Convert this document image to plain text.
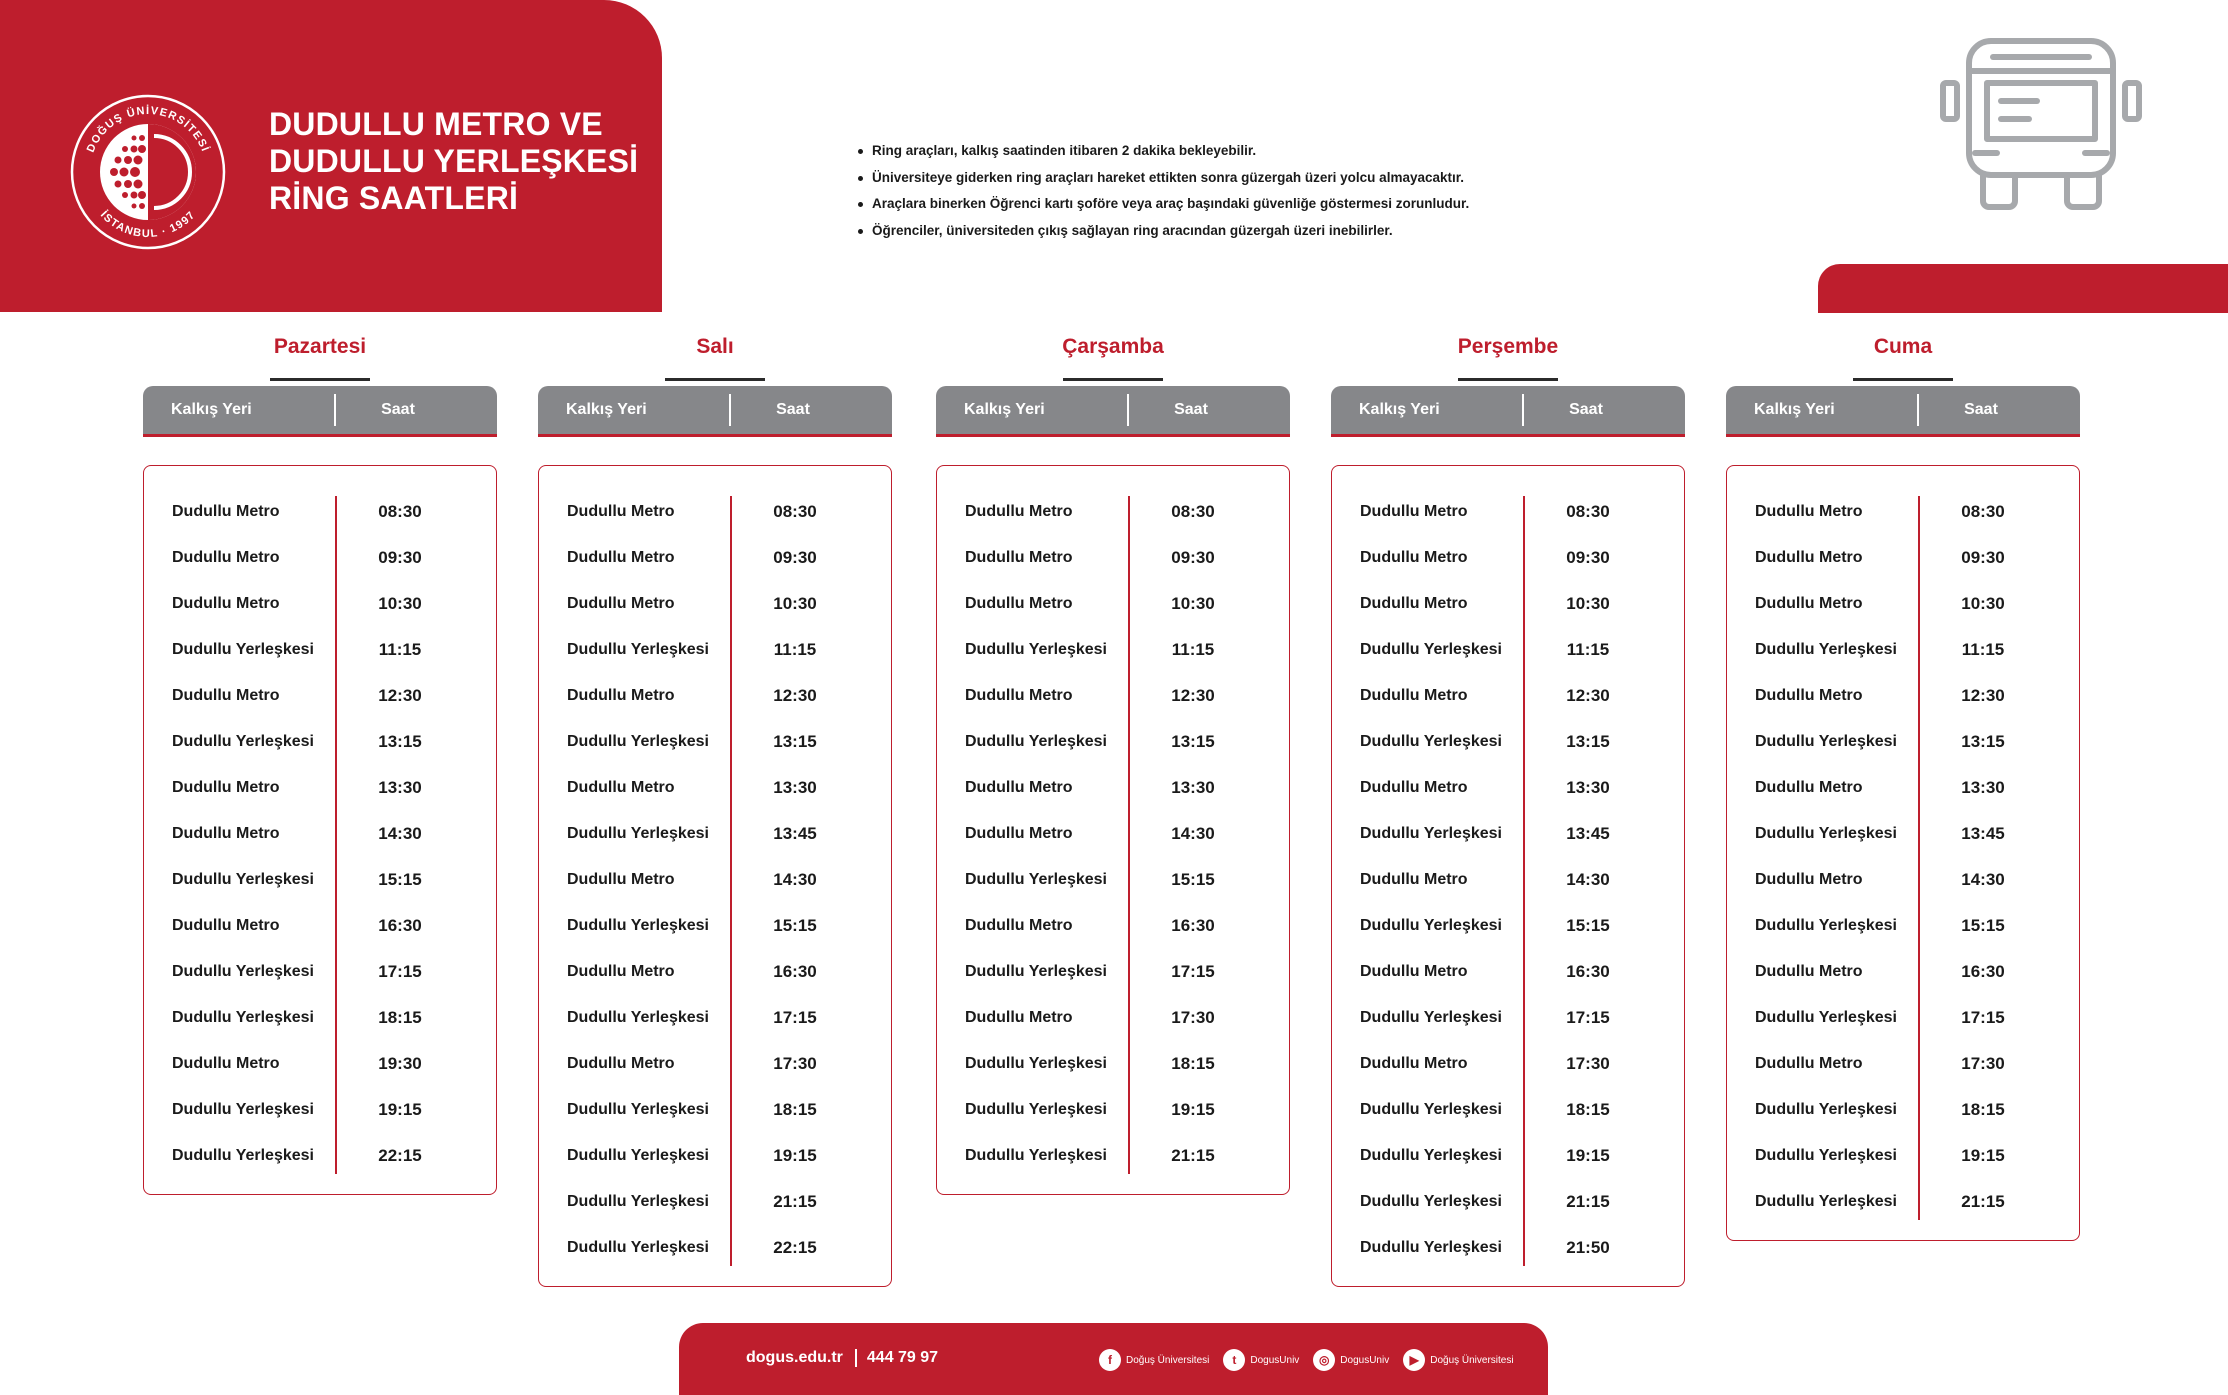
DOĞUŞ ÜNİVERSİTESİ
İSTANBUL · 1997
DUDULLU METRO VE
DUDULLU YERLEŞKESİ
RİNG SAATLERİ
Ring araçları, kalkış saatinden itibaren 2 dakika bekleyebilir.
Üniversiteye giderken ring araçları hareket ettikten sonra güzergah üzeri yolcu almayacaktır.
Araçlara binerken Öğrenci kartı şoföre veya araç başındaki güvenliğe göstermesi zorunludur.
Öğrenciler, üniversiteden çıkış sağlayan ring aracından güzergah üzeri inebilirler.
Pazartesi
Kalkış Yeri	Saat
Dudullu Metro	08:30
Dudullu Metro	09:30
Dudullu Metro	10:30
Dudullu Yerleşkesi	11:15
Dudullu Metro	12:30
Dudullu Yerleşkesi	13:15
Dudullu Metro	13:30
Dudullu Metro	14:30
Dudullu Yerleşkesi	15:15
Dudullu Metro	16:30
Dudullu Yerleşkesi	17:15
Dudullu Yerleşkesi	18:15
Dudullu Metro	19:30
Dudullu Yerleşkesi	19:15
Dudullu Yerleşkesi	22:15
Salı
Kalkış Yeri	Saat
Dudullu Metro	08:30
Dudullu Metro	09:30
Dudullu Metro	10:30
Dudullu Yerleşkesi	11:15
Dudullu Metro	12:30
Dudullu Yerleşkesi	13:15
Dudullu Metro	13:30
Dudullu Yerleşkesi	13:45
Dudullu Metro	14:30
Dudullu Yerleşkesi	15:15
Dudullu Metro	16:30
Dudullu Yerleşkesi	17:15
Dudullu Metro	17:30
Dudullu Yerleşkesi	18:15
Dudullu Yerleşkesi	19:15
Dudullu Yerleşkesi	21:15
Dudullu Yerleşkesi	22:15
Çarşamba
Kalkış Yeri	Saat
Dudullu Metro	08:30
Dudullu Metro	09:30
Dudullu Metro	10:30
Dudullu Yerleşkesi	11:15
Dudullu Metro	12:30
Dudullu Yerleşkesi	13:15
Dudullu Metro	13:30
Dudullu Metro	14:30
Dudullu Yerleşkesi	15:15
Dudullu Metro	16:30
Dudullu Yerleşkesi	17:15
Dudullu Metro	17:30
Dudullu Yerleşkesi	18:15
Dudullu Yerleşkesi	19:15
Dudullu Yerleşkesi	21:15
Perşembe
Kalkış Yeri	Saat
Dudullu Metro	08:30
Dudullu Metro	09:30
Dudullu Metro	10:30
Dudullu Yerleşkesi	11:15
Dudullu Metro	12:30
Dudullu Yerleşkesi	13:15
Dudullu Metro	13:30
Dudullu Yerleşkesi	13:45
Dudullu Metro	14:30
Dudullu Yerleşkesi	15:15
Dudullu Metro	16:30
Dudullu Yerleşkesi	17:15
Dudullu Metro	17:30
Dudullu Yerleşkesi	18:15
Dudullu Yerleşkesi	19:15
Dudullu Yerleşkesi	21:15
Dudullu Yerleşkesi	21:50
Cuma
Kalkış Yeri	Saat
Dudullu Metro	08:30
Dudullu Metro	09:30
Dudullu Metro	10:30
Dudullu Yerleşkesi	11:15
Dudullu Metro	12:30
Dudullu Yerleşkesi	13:15
Dudullu Metro	13:30
Dudullu Yerleşkesi	13:45
Dudullu Metro	14:30
Dudullu Yerleşkesi	15:15
Dudullu Metro	16:30
Dudullu Yerleşkesi	17:15
Dudullu Metro	17:30
Dudullu Yerleşkesi	18:15
Dudullu Yerleşkesi	19:15
Dudullu Yerleşkesi	21:15
dogus.edu.tr 444 79 97	f	Doğuş Üniversitesi	t	DogusUniv	◎	DogusUniv	▶	Doğuş Üniversitesi
